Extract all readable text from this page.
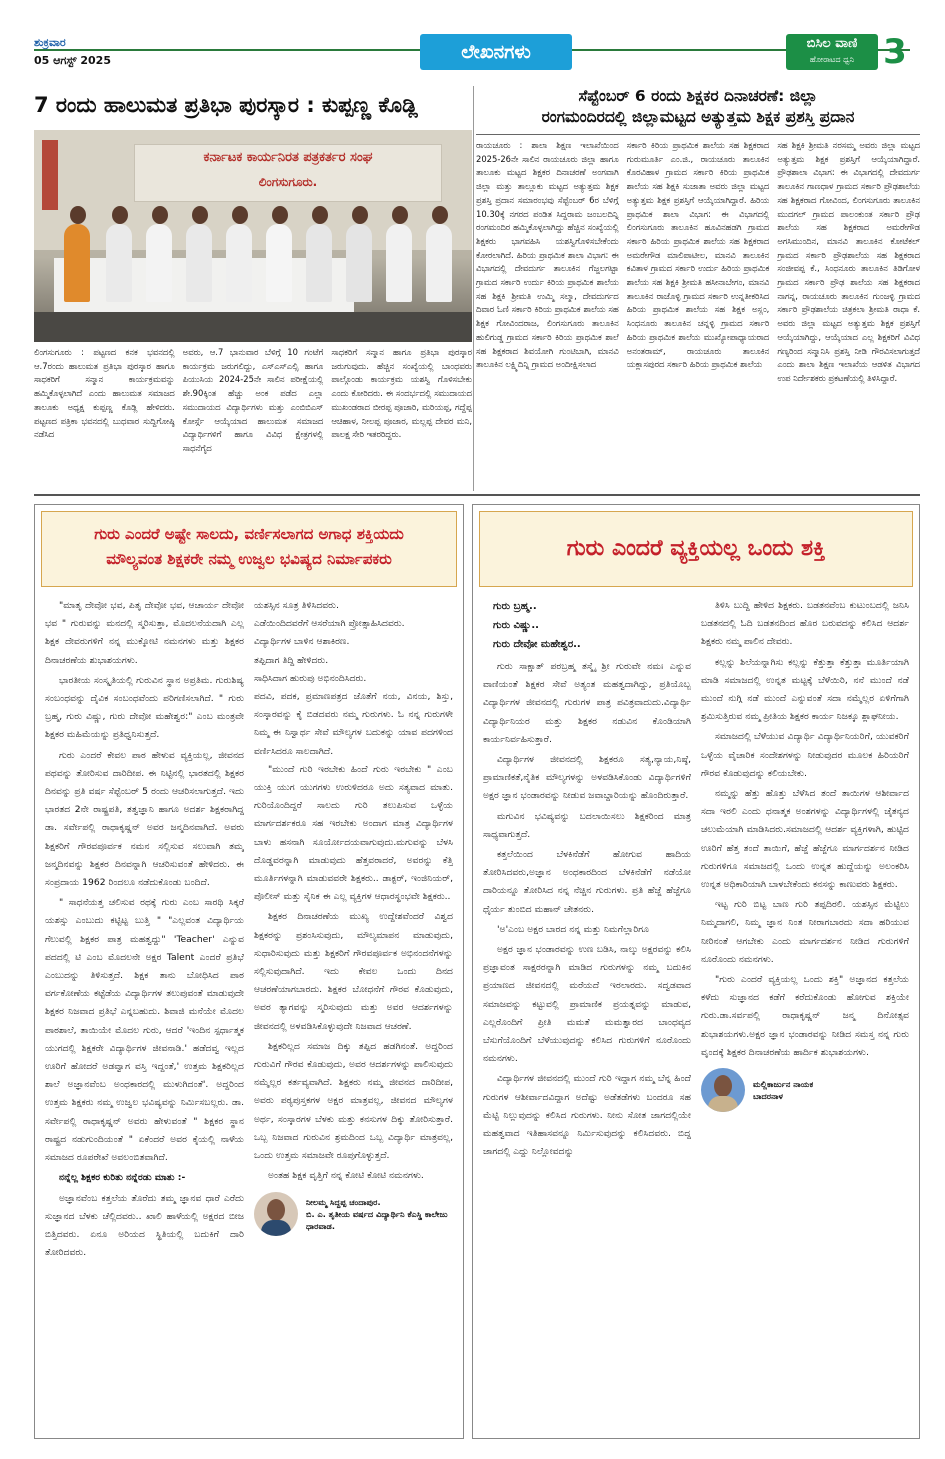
ಶುಕ್ರವಾರ
05 ಆಗಸ್ಟ್ 2025	ಲೇಖನಗಳು	ಬಿಸಿಲ ವಾಣಿ
ಹೋರಾಟದ ಧ್ವನಿ 3
7 ರಂದು ಹಾಲುಮತ ಪ್ರತಿಭಾ ಪುರಸ್ಕಾರ : ಕುಪ್ಪಣ್ಣ ಕೊಡ್ಲಿ
ಕರ್ನಾಟಕ ಕಾರ್ಯನಿರತ ಪತ್ರಕರ್ತರ ಸಂಘ
ಲಿಂಗಸುಗೂರು.
ಲಿಂಗಸುಗೂರು : ಪಟ್ಟಣದ ಕನಕ ಭವನದಲ್ಲಿ ಆ.7ರಂದು ಹಾಲುಮತ ಪ್ರತಿಭಾ ಪುರಸ್ಕಾರ ಹಾಗೂ ಸಾಧಕರಿಗೆ ಸನ್ಮಾನ ಕಾರ್ಯಕ್ರಮವನ್ನು ಹಮ್ಮಿಕೊಳ್ಳಲಾಗಿದೆ ಎಂದು ಹಾಲುಮತ ಸಮಾಜದ ತಾಲೂಕು ಅಧ್ಯಕ್ಷ ಕುಪ್ಪಣ್ಣ ಕೊಡ್ಲಿ ಹೇಳಿದರು. ಪಟ್ಟಣದ ಪತ್ರಿಕಾ ಭವನದಲ್ಲಿ ಬುಧವಾರ ಸುದ್ದಿಗೋಷ್ಠಿ ನಡೆಸಿದ
ಅವರು, ಆ.7 ಭಾನುವಾರ ಬೆಳಿಗ್ಗೆ 10 ಗಂಟೆಗೆ ಕಾರ್ಯಕ್ರಮ ಜರುಗಲಿದ್ದು, ಎಸ್ಎಸ್ಎಲ್ಸಿ ಹಾಗೂ ಪಿಯುಸಿಯ 2024-25ನೇ ಸಾಲಿನ ಪರೀಕ್ಷೆಯಲ್ಲಿ ಶೇ.90ಕ್ಕಿಂತ ಹೆಚ್ಚು ಅಂಕ ಪಡೆದ ಎಲ್ಲಾ ಸಮುದಾಯದ ವಿದ್ಯಾರ್ಥಿಗಳು ಮತ್ತು ಎಂಬಿಬಿಎಸ್ ಕೋರ್ಸ್ಗೆ ಆಯ್ಕೆಯಾದ ಹಾಲುಮತ ಸಮಾಜದ ವಿದ್ಯಾರ್ಥಿಗಳಿಗೆ ಹಾಗೂ ವಿವಿಧ ಕ್ಷೇತ್ರಗಳಲ್ಲಿ ಸಾಧನೆಗೈದ
ಸಾಧಕರಿಗೆ ಸನ್ಮಾನ ಹಾಗೂ ಪ್ರತಿಭಾ ಪುರಸ್ಕಾರ ಜರುಗುವುದು. ಹೆಚ್ಚಿನ ಸಂಖ್ಯೆಯಲ್ಲಿ ಬಾಂಧವರು ಪಾಲ್ಗೊಂಡು ಕಾರ್ಯಕ್ರಮ ಯಶಸ್ವಿ ಗೊಳಿಸಬೇಕು ಎಂದು ಕೋರಿದರು. ಈ ಸಂದರ್ಭದಲ್ಲಿ ಸಮುದಾಯದ ಮುಖಂಡರಾದ ಬೀರಪ್ಪ ಪೂಜಾರಿ, ಮರಿಯಪ್ಪ, ಗದ್ದೆಪ್ಪ ಆಚಿಹಾಳ, ನೀಲಪ್ಪ ಪೂಜಾರ, ಮಲ್ಲಪ್ಪ ದೇವರ ಮನಿ, ಪಾಲಕ್ಷ ಸೇರಿ ಇತರರಿದ್ದರು.
ಸೆಪ್ಟೆಂಬರ್ 6 ರಂದು ಶಿಕ್ಷಕರ ದಿನಾಚರಣೆ: ಜಿಲ್ಲಾ
ರಂಗಮಂದಿರದಲ್ಲಿ ಜಿಲ್ಲಾಮಟ್ಟದ ಅತ್ಯುತ್ತಮ ಶಿಕ್ಷಕ ಪ್ರಶಸ್ತಿ ಪ್ರದಾನ
ರಾಯಚೂರು : ಶಾಲಾ ಶಿಕ್ಷಣ ಇಲಾಖೆಯಿಂದ 2025-26ನೇ ಸಾಲಿನ ರಾಯಚೂರು ಜಿಲ್ಲಾ ಹಾಗೂ ತಾಲೂಕು ಮಟ್ಟದ ಶಿಕ್ಷಕರ ದಿನಾಚರಣೆ ಅಂಗವಾಗಿ ಜಿಲ್ಲಾ ಮತ್ತು ತಾಲ್ಲೂಕು ಮಟ್ಟದ ಅತ್ಯುತ್ತಮ ಶಿಕ್ಷಕ ಪ್ರಶಸ್ತಿ ಪ್ರದಾನ ಸಮಾರಂಭವು ಸೆಪ್ಟೆಂಬರ್ 6ರ ಬೆಳಿಗ್ಗೆ 10.30ಕ್ಕೆ ನಗರದ ಪಂಡಿತ ಸಿದ್ದರಾಮ ಜಂಬಲದಿನ್ನಿ ರಂಗಮಂದಿರ ಹಮ್ಮಿಕೊಳ್ಳಲಾಗಿದ್ದು ಹೆಚ್ಚಿನ ಸಂಖ್ಯೆಯಲ್ಲಿ ಶಿಕ್ಷಕರು ಭಾಗವಹಿಸಿ ಯಶಸ್ವಿಗೊಳಿಸಬೇಕೆಂದು ಕೋರಲಾಗಿದೆ. ಹಿರಿಯ ಪ್ರಾಥಮಿಕ ಶಾಲಾ ವಿಭಾಗ: ಈ ವಿಭಾಗದಲ್ಲಿ ದೇವದುರ್ಗ ತಾಲೂಕಿನ ಗೆಜ್ಜಲಗಟ್ಟಾ ಗ್ರಾಮದ ಸರ್ಕಾರಿ ಉರ್ದು ಕಿರಿಯ ಪ್ರಾಥಮಿಕ ಶಾಲೆಯ ಸಹ ಶಿಕ್ಷಕಿ ಶ್ರೀಮತಿ ಉಮ್ಮಿ ಸಲ್ಮಾ, ದೇವದುರ್ಗದ ದಿವಾರ ಓಣಿ ಸರ್ಕಾರಿ ಕಿರಿಯ ಪ್ರಾಥಮಿಕ ಶಾಲೆಯ ಸಹ ಶಿಕ್ಷಕ ಗೋವಿಂದರಾಜ, ಲಿಂಗಸುಗೂರು ತಾಲೂಕಿನ ಹುಲಿಗುಡ್ಡ ಗ್ರಾಮದ ಸರ್ಕಾರಿ ಕಿರಿಯ ಪ್ರಾಥಮಿಕ ಶಾಲೆ ಸಹ ಶಿಕ್ಷಕರಾದ ಶಿವಯೋಗಿ ಗುಂಟಿಬಾಗಿ, ಮಾನವಿ ತಾಲೂಕಿನ ಲಕ್ಷ್ಮಿದಿನ್ನಿ ಗ್ರಾಮದ ಅಂದೀಕ್ಷಿಸಲಾದ
ಸರ್ಕಾರಿ ಕಿರಿಯ ಪ್ರಾಥಮಿಕ ಶಾಲೆಯ ಸಹ ಶಿಕ್ಷಕರಾದ ಗುರುಮೂರ್ತಿ ಎಂ.ಜಿ., ರಾಯಚೂರು ತಾಲೂಕಿನ ಕೊರವಿಹಾಳ ಗ್ರಾಮದ ಸರ್ಕಾರಿ ಕಿರಿಯ ಪ್ರಾಥಮಿಕ ಶಾಲೆಯ ಸಹ ಶಿಕ್ಷಕಿ ಸುಜಾತಾ ಅವರು ಜಿಲ್ಲಾ ಮಟ್ಟದ ಅತ್ಯುತ್ತಮ ಶಿಕ್ಷಕ ಪ್ರಶಸ್ತಿಗೆ ಆಯ್ಕೆಯಾಗಿದ್ದಾರೆ. ಹಿರಿಯ ಪ್ರಾಥಮಿಕ ಶಾಲಾ ವಿಭಾಗ: ಈ ವಿಭಾಗದಲ್ಲಿ ಲಿಂಗಸುಗೂರು ತಾಲೂಕಿನ ಹೂವಿನಹಡಗಿ ಗ್ರಾಮದ ಸರ್ಕಾರಿ ಹಿರಿಯ ಪ್ರಾಥಮಿಕ ಶಾಲೆಯ ಸಹ ಶಿಕ್ಷಕರಾದ ಅಮರೇಗೌಡ ಮಾಲಿಪಾಟೀಲ, ಮಾನವಿ ತಾಲೂಕಿನ ಕವಿತಾಳ ಗ್ರಾಮದ ಸರ್ಕಾರಿ ಉರ್ದು ಹಿರಿಯ ಪ್ರಾಥಮಿಕ ಶಾಲೆಯ ಸಹ ಶಿಕ್ಷಕಿ ಶ್ರೀಮತಿ ಹಸೀನಾಬೇಗಂ, ಮಾನವಿ ತಾಲೂಕಿನ ರಾಜೊಳ್ಳಿ ಗ್ರಾಮದ ಸರ್ಕಾರಿ ಉನ್ನತೀಕರಿಸಿದ ಹಿರಿಯ ಪ್ರಾಥಮಿಕ ಶಾಲೆಯ ಸಹ ಶಿಕ್ಷಕ ಅಸ್ಲಂ, ಸಿಂಧನೂರು ತಾಲೂಕಿನ ಚನ್ನಳ್ಳಿ ಗ್ರಾಮದ ಸರ್ಕಾರಿ ಹಿರಿಯ ಪ್ರಾಥಮಿಕ ಶಾಲೆಯ ಮುಖ್ಯೋಪಾಧ್ಯಾಯರಾದ ಅನಂತರಾಮ್, ರಾಯಚೂರು ತಾಲೂಕಿನ ಯಕ್ಲಾಸಪುರದ ಸರ್ಕಾರಿ ಹಿರಿಯ ಪ್ರಾಥಮಿಕ ಶಾಲೆಯ
ಸಹ ಶಿಕ್ಷಕಿ ಶ್ರೀಮತಿ ನರಸಮ್ಮ ಅವರು ಜಿಲ್ಲಾ ಮಟ್ಟದ ಅತ್ಯುತ್ತಮ ಶಿಕ್ಷಕ ಪ್ರಶಸ್ತಿಗೆ ಆಯ್ಕೆಯಾಗಿದ್ದಾರೆ. ಪ್ರೌಢಶಾಲಾ ವಿಭಾಗ: ಈ ವಿಭಾಗದಲ್ಲಿ ದೇವದುರ್ಗ ತಾಲೂಕಿನ ಗಾಣಧಾಳ ಗ್ರಾಮದ ಸರ್ಕಾರಿ ಪ್ರೌಢಶಾಲೆಯ ಸಹ ಶಿಕ್ಷಕರಾದ ಗೋವಿಂದ, ಲಿಂಗಸುಗೂರು ತಾಲೂಕಿನ ಮುದಗಲ್ ಗ್ರಾಮದ ಪಾಲಂಕುಂತ ಸರ್ಕಾರಿ ಪ್ರೌಢ ಶಾಲೆಯ ಸಹ ಶಿಕ್ಷಕರಾದ ಅಮರೇಗೌಡ ಅಗಸಿಮುಂದಿನ, ಮಾನವಿ ತಾಲೂಕಿನ ಕೋಟೆಕಲ್ ಗ್ರಾಮದ ಸರ್ಕಾರಿ ಪ್ರೌಢಶಾಲೆಯ ಸಹ ಶಿಕ್ಷಕರಾದ ಸಂಜೀವಪ್ಪ ಕೆ., ಸಿಂಧನೂರು ತಾಲೂಕಿನ ತಿಡಿಗೋಳ ಗ್ರಾಮದ ಸರ್ಕಾರಿ ಪ್ರೌಢ ಶಾಲೆಯ ಸಹ ಶಿಕ್ಷಕರಾದ ನಾಗನ್ನ, ರಾಯಚೂರು ತಾಲೂಕಿನ ಗುಂಜಳ್ಳಿ ಗ್ರಾಮದ ಸರ್ಕಾರಿ ಪ್ರೌಢಶಾಲೆಯ ಚಿತ್ರಕಲಾ ಶ್ರೀಮತಿ ರಾಧಾ ಕೆ. ಅವರು ಜಿಲ್ಲಾ ಮಟ್ಟದ ಅತ್ಯುತ್ತಮ ಶಿಕ್ಷಕ ಪ್ರಶಸ್ತಿಗೆ ಆಯ್ಕೆಯಾಗಿದ್ದು, ಆಯ್ಕೆಯಾದ ಎಲ್ಲ ಶಿಕ್ಷಕರಿಗೆ ವಿವಿಧ ಗಣ್ಯರಿಂದ ಸನ್ಮಾನಿಸಿ ಪ್ರಶಸ್ತಿ ನೀಡಿ ಗೌರವಿಸಲಾಗುತ್ತದೆ ಎಂದು ಶಾಲಾ ಶಿಕ್ಷಣ ಇಲಾಖೆಯ ಆಡಳಿತ ವಿಭಾಗದ ಉಪ ನಿರ್ದೇಶಕರು ಪ್ರಕಟಣೆಯಲ್ಲಿ ತಿಳಿಸಿದ್ದಾರೆ.
ಗುರು ಎಂದರೆ ಅಷ್ಟೇ ಸಾಲದು, ವರ್ಣಿಸಲಾಗದ ಅಗಾಧ ಶಕ್ತಿಯದು
ಮೌಲ್ಯವಂತ ಶಿಕ್ಷಕರೇ ನಮ್ಮ ಉಜ್ವಲ ಭವಿಷ್ಯದ ನಿರ್ಮಾಪಕರು

"ಮಾತೃ ದೇವೋ ಭವ, ಪಿತೃ ದೇವೋ ಭವ, ಆಚಾರ್ಯ ದೇವೋ ಭವ " ಗುರುವನ್ನು ಮನದಲ್ಲಿ ಸ್ಮರಿಸುತ್ತಾ, ಮೊದಲನೆಯದಾಗಿ ಎಲ್ಲ ಶಿಕ್ಷಕ ದೇವರುಗಳಿಗೆ ನನ್ನ ಮುಕ್ಕೋಟಿ ನಮನಗಳು ಮತ್ತು ಶಿಕ್ಷಕರ ದಿನಾಚರಣೆಯ ಶುಭಾಶಯಗಳು.

ಭಾರತೀಯ ಸಂಸ್ಕೃತಿಯಲ್ಲಿ ಗುರುವಿನ ಸ್ಥಾನ ಅಪ್ರತಿಮ. ಗುರುಶಿಷ್ಯ ಸಂಬಂಧವನ್ನು ದೈವಿಕ ಸಂಬಂಧವೆಂದು ಪರಿಗಣಿಸಲಾಗಿದೆ. " ಗುರು ಬ್ರಹ್ಮ, ಗುರು ವಿಷ್ಣು, ಗುರು ದೇವೋ ಮಹೇಶ್ವರ:" ಎಂಬ ಮಂತ್ರವೇ ಶಿಕ್ಷಕರ ಮಹಿಮೆಯನ್ನು ಪ್ರತಿಧ್ವನಿಸುತ್ತದೆ.

ಗುರು ಎಂದರೆ ಕೇವಲ ಪಾಠ ಹೇಳುವ ವ್ಯಕ್ತಿಯಲ್ಲ, ಜೀವನದ ಪಥವನ್ನು ತೋರಿಸುವ ದಾರಿದೀಪ. ಈ ನಿಟ್ಟಿನಲ್ಲಿ ಭಾರತದಲ್ಲಿ ಶಿಕ್ಷಕರ ದಿನವನ್ನು ಪ್ರತಿ ವರ್ಷ ಸೆಪ್ಟೆಂಬರ್ 5 ರಂದು ಆಚರಿಸಲಾಗುತ್ತದೆ. ಇದು ಭಾರತದ 2ನೇ ರಾಷ್ಟ್ರಪತಿ, ತತ್ವಜ್ಞಾನಿ ಹಾಗೂ ಅದರ್ಶ ಶಿಕ್ಷಕರಾಗಿದ್ದ ಡಾ. ಸರ್ವೇಪಲ್ಲಿ ರಾಧಾಕೃಷ್ಣನ್ ಅವರ ಜನ್ಮದಿನವಾಗಿದೆ. ಅವರು ಶಿಕ್ಷಕರಿಗೆ ಗೌರವಪೂರ್ವಕ ನಮನ ಸಲ್ಲಿಸುವ ಸಲುವಾಗಿ ತಮ್ಮ ಜನ್ಮದಿನವನ್ನು ಶಿಕ್ಷಕರ ದಿನವನ್ನಾಗಿ ಆಚರಿಸುವಂತೆ ಹೇಳಿದರು. ಈ ಸಂಪ್ರದಾಯ 1962 ರಿಂದಲೂ ನಡೆದುಕೊಂಡು ಬಂದಿದೆ.

" ಸಾಧನೆಯತ್ತ ಚಲಿಸುವ ರಥಕ್ಕೆ ಗುರು ಎಂಬ ಸಾರಥಿ ಸಿಕ್ಕರೆ ಯಶಸ್ಸು ಎಂಬುದು ಕಟ್ಟಿಟ್ಟ ಬುತ್ತಿ " "ಎಲ್ಲವಂತ ವಿದ್ಯಾರ್ಥಿಯ ಗೆಲುವಲ್ಲಿ ಶಿಕ್ಷಕರ ಪಾತ್ರ ಮಹತ್ವದ್ದು" 'Teacher' ಎನ್ನುವ ಪದದಲ್ಲಿ ಟಿ ಎಂಬ ಮೊದಲನೇ ಅಕ್ಷರ Talent ಎಂದರೆ ಪ್ರತಿಭೆ ಎಂಬುದನ್ನು ತಿಳಿಸುತ್ತದೆ. ಶಿಕ್ಷಕ ತಾನು ಬೋಧಿಸಿದ ಪಾಠ ವರ್ಗಕೋಣೆಯ ಕಟ್ಟೆಡೆಯ ವಿದ್ಯಾರ್ಥಿಗಳ ತಲುಪುವಂತೆ ಮಾಡುವುದೇ ಶಿಕ್ಷಕರ ನಿಜವಾದ ಪ್ರತಿಭೆ ಎನ್ನಬಹುದು. ಶಿವಾಜಿ ಮನೆಯೇ ಮೊದಲ ಪಾಠಶಾಲೆ, ತಾಯಿಯೇ ಮೊದಲ ಗುರು, ಆದರೆ 'ಇಂದಿನ ಸ್ಪರ್ಧಾತ್ಮಕ ಯುಗದಲ್ಲಿ ಶಿಕ್ಷಕರೇ ವಿದ್ಯಾರ್ಥಿಗಳ ಜೀವನಾಡಿ.' ಹಡೆದವ್ವ ಇಲ್ಲದ ಊರಿಗೆ ಹೋದರೆ ಅಡವ್ವಾಗ ವಸ್ತಿ ಇದ್ದಂತೆ,' ಉತ್ತಮ ಶಿಕ್ಷಕರಿಲ್ಲದ ಶಾಲೆ ಅಜ್ಞಾನವೆಂಬ ಅಂಧಕಾರದಲ್ಲಿ ಮುಳುಗಿದಂತೆ'. ಅದ್ದರಿಂದ ಉತ್ತಮ ಶಿಕ್ಷಕರು ನಮ್ಮ ಉಜ್ವಲ ಭವಿಷ್ಯವನ್ನು ನಿರ್ಮಿಸಬಲ್ಲರು. ಡಾ. ಸರ್ವೇಪಲ್ಲಿ ರಾಧಾಕೃಷ್ಣನ್ ಅವರು ಹೇಳುವಂತೆ " ಶಿಕ್ಷಕರ ಸ್ಥಾನ ರಾಷ್ಟ್ರದ ನಡುಗುಂದಿಯಂತೆ " ಏಕೆಂದರೆ ಅವರ ಕೈಯಲ್ಲಿ ನಾಳೆಯ ಸಮಾಜದ ರೂಪರೇಖೆ ಅವಲಂಬಿತವಾಗಿದೆ.

ನನ್ನೆಲ್ಲ ಶಿಕ್ಷಕರ ಕುರಿತು ನನ್ನೆರಡು ಮಾತು :-

ಅಜ್ಞಾನವೆಂಬ ಕತ್ತಲೆಯ ತೊರೆದು ತಮ್ಮ ಜ್ಞಾನವ ಧಾರೆ ಎರೆದು ಸುಜ್ಞಾನದ ಬೆಳಕು ಚೆಲ್ಲಿದವರು.. ಖಾಲಿ ಹಾಳೆಯಲ್ಲಿ ಅಕ್ಷರದ ಬೀಜ ಬಿತ್ತಿದವರು. ಏನೂ ಅರಿಯದ ಸ್ಥಿತಿಯಲ್ಲಿ ಬದುಕಿಗೆ ದಾರಿ ತೋರಿದವರು.

ಯಶಸ್ಸಿನ ಸೂತ್ರ ತಿಳಿಸಿದವರು.
ಎಡೆಯಿಂದಿದವರೆಗೆ ಆಸರೆಯಾಗಿ ಪ್ರೋತ್ಸಾಹಿಸಿದವರು.
ವಿದ್ಯಾರ್ಥಿಗಳ ಬಾಳಿನ ಆಶಾಕಿರಣ.
ತಪ್ಪಿದಾಗ ತಿದ್ದಿ ಹೇಳಿದರು.
ಸಾಧಿಸಿದಾಗ ಹುರುಪು ಅಭಿನಂದಿಸಿದರು.
ಪದವಿ, ಪದಕ, ಪ್ರಮಾಣಪತ್ರದ ಜೊತೆಗೆ ನಯ, ವಿನಯ, ಶಿಸ್ತು, ಸಂಸ್ಕಾರವನ್ನು ಕೈ ಬಿಡದವರು ನಮ್ಮ ಗುರುಗಳು. ಓ ನನ್ನ ಗುರುಗಳೇ ನಿಮ್ಮ ಈ ನಿಸ್ವಾರ್ಥ ಸೇವೆ ಮೌಲ್ಯಗಳ ಬದುಕನ್ನು ಯಾವ ಪದಗಳಿಂದ ವರ್ಣಿಸಿದರೂ ಸಾಲದಾಗಿದೆ.

"ಮುಂದೆ ಗುರಿ ಇರಬೇಕು ಹಿಂದೆ ಗುರು ಇರಬೇಕು " ಎಂಬ ಯುಕ್ತಿ ಯುಗ ಯುಗಗಳು ಉರುಳಿದರೂ ಅದು ಸತ್ಯವಾದ ಮಾತು. ಗುರಿಯೊಂದಿದ್ದರೆ ಸಾಲದು ಗುರಿ ತಲುಪಿಸುವ ಒಳ್ಳೆಯ ಮಾರ್ಗದರ್ಶಕರೂ ಸಹ ಇರಬೇಕು ಅಂದಾಗ ಮಾತ್ರ ವಿದ್ಯಾರ್ಥಿಗಳ ಬಾಳು ಹಸನಾಗಿ ಸೂರ್ಯೋದಯವಾಗುವುದು.ಮಗುವನ್ನು ಬೆಳಸಿ ದೊಡ್ಡವರನ್ನಾಗಿ ಮಾಡುವುದು ಹೆತ್ತವರಾದರೆ, ಅವರನ್ನು ಕೆತ್ತಿ ಮೂರ್ತಿಗಳನ್ನಾಗಿ ಮಾಡುವವರೇ ಶಿಕ್ಷಕರು.. ಡಾಕ್ಟರ್, ಇಂಜಿನಿಯರ್, ಪೊಲೀಸ್ ಮತ್ತು ಸೈನಿಕ ಈ ಎಲ್ಲ ವ್ಯಕ್ತಿಗಳ ಆಧಾರಸ್ಥಂಭವೇ ಶಿಕ್ಷಕರು..

ಶಿಕ್ಷಕರ ದಿನಾಚರಣೆಯ ಮುಖ್ಯ ಉದ್ದೇಶವೆಂದರೆ ವಿಶ್ವದ ಶಿಕ್ಷಕರನ್ನು ಪ್ರಶಂಸಿಸುವುದು, ಮೌಲ್ಯಮಾಪನ ಮಾಡುವುದು, ಸುಧಾರಿಸುವುದು ಮತ್ತು ಶಿಕ್ಷಕರಿಗೆ ಗೌರವಪೂರ್ವಕ ಅಭಿನಂದನೆಗಳನ್ನು ಸಲ್ಲಿಸುವುದಾಗಿದೆ. ಇದು ಕೇವಲ ಒಂದು ದಿನದ ಆಚರಣೆಯಾಗಬಾರದು. ಶಿಕ್ಷಕರ ಬೋಧನೆಗೆ ಗೌರವ ಕೊಡುವುದು, ಅವರ ತ್ಯಾಗವನ್ನು ಸ್ಮರಿಸುವುದು ಮತ್ತು ಅವರ ಆದರ್ಶಗಳನ್ನು ಜೀವನದಲ್ಲಿ ಅಳವಡಿಸಿಕೊಳ್ಳುವುದೇ ನಿಜವಾದ ಆಚರಣೆ.

ಶಿಕ್ಷಕರಿಲ್ಲದ ಸಮಾಜ ದಿಕ್ಕು ತಪ್ಪಿದ ಹಡಗಿನಂತೆ. ಅದ್ದರಿಂದ ಗುರುವಿಗೆ ಗೌರವ ಕೊಡುವುದು, ಅವರ ಆದರ್ಶಗಳನ್ನು ಪಾಲಿಸುವುದು ನಮ್ಮೆಲ್ಲರ ಕರ್ತವ್ಯವಾಗಿದೆ. ಶಿಕ್ಷಕರು ನಮ್ಮ ಜೀವನದ ದಾರಿದೀಪ, ಅವರು ಪಠ್ಯಪುಸ್ತಕಗಳ ಅಕ್ಷರ ಮಾತ್ರವಲ್ಲ, ಜೀವನದ ಮೌಲ್ಯಗಳ ಅರ್ಥ, ಸಂಸ್ಕಾರಗಳ ಬೆಳಕು ಮತ್ತು ಕನಸುಗಳ ದಿಕ್ಕು ತೋರಿಸುತ್ತಾರೆ. ಒಬ್ಬ ನಿಜವಾದ ಗುರುವಿನ ಶ್ರಮದಿಂದ ಒಬ್ಬ ವಿದ್ಯಾರ್ಥಿ ಮಾತ್ರವಲ್ಲ, ಒಂದು ಉತ್ತಮ ಸಮಾಜವೇ ರೂಪುಗೊಳ್ಳುತ್ತದೆ.

ಅಂತಹ ಶಿಕ್ಷಕ ವೃತ್ತಿಗೆ ನನ್ನ ಕೋಟಿ ಕೋಟಿ ನಮನಗಳು.

ನೀಲಮ್ಮ ಸಿದ್ದಪ್ಪ ಚಂದಾಪುರ.
ಬಿ. ಎ. ತೃತೀಯ ವರ್ಷದ ವಿದ್ಯಾರ್ಥಿನಿ ಕೆಎಸ್ಡಿ ಕಾಲೇಜು
ಧಾರವಾಡ.
ಗುರು ಎಂದರೆ ವ್ಯಕ್ತಿಯಲ್ಲ ಒಂದು ಶಕ್ತಿ
ಗುರು ಬ್ರಹ್ಮ..
ಗುರು ವಿಷ್ಣು..
ಗುರು ದೇವೋ ಮಹೇಶ್ವರ..

ಗುರು ಸಾಕ್ಷಾತ್ ಪರಬ್ರಹ್ಮ ತಸ್ಮೈ ಶ್ರೀ ಗುರುವೇ ನಮಃ ಎನ್ನುವ ವಾಣಿಯಂತೆ ಶಿಕ್ಷಕರ ಸೇವೆ ಅತ್ಯಂತ ಮಹತ್ವದಾಗಿದ್ದು, ಪ್ರತಿಯೊಬ್ಬ ವಿದ್ಯಾರ್ಥಿಗಳ ಜೀವನದಲ್ಲಿ ಗುರುಗಳ ಪಾತ್ರ ಪವಿತ್ರವಾದುದು.ವಿದ್ಯಾರ್ಥಿ ವಿದ್ಯಾರ್ಥಿನಿಯರ ಮತ್ತು ಶಿಕ್ಷಕರ ನಡುವಿನ ಕೊಂಡಿಯಾಗಿ ಕಾರ್ಯನಿರ್ವಹಿಸುತ್ತಾರೆ.

ವಿದ್ಯಾರ್ಥಿಗಳ ಜೀವನದಲ್ಲಿ ಶಿಕ್ಷಕರೂ ಸತ್ಯ,ನ್ಯಾಯ,ನಿಷ್ಠೆ, ಪ್ರಾಮಾಣಿಕತೆ,ನೈತಿಕ ಮೌಲ್ಯಗಳನ್ನು ಅಳವಡಿಸಿಕೊಂಡು ವಿದ್ಯಾರ್ಥಿಗಳಿಗೆ ಅಕ್ಷರ ಜ್ಞಾನ ಭಂಡಾರವನ್ನು ನೀಡುವ ಜವಾಬ್ದಾರಿಯನ್ನು ಹೊಂದಿರುತ್ತಾರೆ.

ಮಗುವಿನ ಭವಿಷ್ಯವನ್ನು ಬದಲಾಯಿಸಲು ಶಿಕ್ಷಕರಿಂದ ಮಾತ್ರ ಸಾಧ್ಯವಾಗುತ್ತದೆ.

ಕತ್ತಲೆಯಿಂದ ಬೆಳಕಿನೆಡೆಗೆ ಹೋಗುವ ಹಾದಿಯ ತೋರಿಸಿದವರು,ಅಜ್ಞಾನ ಅಂಧಕಾರದಿಂದ ಬೆಳಕಿನೆಡೆಗೆ ನಡೆಯೋ ದಾರಿಯನ್ನೂ ತೋರಿಸಿದ ನನ್ನ ನೆಚ್ಚಿನ ಗುರುಗಳು. ಪ್ರತಿ ಹೆಜ್ಜೆ ಹೆಜ್ಜೆಗೂ ಧೈರ್ಯ ತುಂಬಿದ ಮಹಾನ್ ಚೇತನರು.

'ಅ'ಎಂಬ ಅಕ್ಷರ ಬಾರದ ನನ್ನ ಮತ್ತು ನಿಮಗೆಲ್ಲಾರಿಗೂ

ಅಕ್ಷರ ಜ್ಞಾನ ಭಂಡಾರವನ್ನು ಉಣ ಬಡಿಸಿ, ನಾಲ್ಕು ಅಕ್ಷರವನ್ನು ಕಲಿಸಿ ಪ್ರಜ್ಞಾವಂತ ಸಾಕ್ಷರರನ್ನಾಗಿ ಮಾಡಿದ ಗುರುಗಳನ್ನು ನಮ್ಮ ಬದುಕಿನ ಪ್ರಯಾಣದ ಜೀವನದಲ್ಲಿ ಮರೆಯದೆ ಇರಲಾರದು. ಸದ್ವಡವಾದ ಸಮಾಜವನ್ನು ಕಟ್ಟುವಲ್ಲಿ ಪ್ರಾಮಾಣಿಕ ಪ್ರಯತ್ನವನ್ನು ಮಾಡುವ, ಎಲ್ಲರೊಂದಿಗೆ ಪ್ರೀತಿ ಮಮತೆ ಮಮತ್ವಾರದ ಬಾಂಧವ್ಯದ ಬೆಸುಗೆಯೊಂದಿಗೆ ಬೆಳೆಯುವುದನ್ನು ಕಲಿಸಿದ ಗುರುಗಳಿಗೆ ನೂರೊಂದು ನಮನಗಳು.

ವಿದ್ಯಾರ್ಥಿಗಳ ಜೀವನದಲ್ಲಿ ಮುಂದೆ ಗುರಿ ಇದ್ದಾಗ ನಮ್ಮ ಬೆನ್ನ ಹಿಂದೆ ಗುರುಗಳ ಆಶೀರ್ವಾದವಿದ್ದಾಗ ಅದೆಷ್ಟು ಅಡೆತಡೆಗಳು ಬಂದರೂ ಸಹ ಮೆಟ್ಟಿ ನಿಲ್ಲುವುದನ್ನು ಕಲಿಸಿದ ಗುರುಗಳು. ನೀನು ಸೋತ ಜಾಗದಲ್ಲಿಯೇ ಮಹತ್ವವಾದ ಇತಿಹಾಸವನ್ನೂ ನಿರ್ಮಿಸುವುದನ್ನು ಕಲಿಸಿದವರು. ಬಿದ್ದ ಜಾಗದಲ್ಲಿ ಎದ್ದು ನಿಲ್ಲೋವದನ್ನು

ತಿಳಿಸಿ ಬುದ್ದಿ ಹೇಳಿದ ಶಿಕ್ಷಕರು. ಬಡತನವೆಂಬ ಕುಟುಂಬದಲ್ಲಿ ಜನಿಸಿ ಬಡತನದಲ್ಲಿ ಓದಿ ಬಡತನದಿಂದ ಹೊರ ಬರುವದನ್ನು ಕಲಿಸಿದ ಆದರ್ಶ ಶಿಕ್ಷಕರು ನಮ್ಮ ಪಾಲಿನ ದೇವರು.

ಕಲ್ಲನ್ನು ಶಿಲೆಯನ್ನಾಗಿಸು ಕಲ್ಲನ್ನು ಕೆತ್ತುತ್ತಾ ಕೆತ್ತುತ್ತಾ ಮೂರ್ತಿಯಾಗಿ ಮಾಡಿ ಸಮಾಜದಲ್ಲಿ ಉನ್ನತ ಮಟ್ಟಕ್ಕೆ ಬೆಳೆಯಿರಿ, ನನೆ ಮುಂದೆ ನಡೆ ಮುಂದೆ ನುಗ್ಗಿ ನಡೆ ಮುಂದೆ ಎನ್ನುವಂತೆ ಸದಾ ನಮ್ಮೆಲ್ಲರ ಏಳಿಗೆಗಾಗಿ ಶ್ರಮಿಸುತ್ತಿರುವ ನಮ್ಮ ಪ್ರೀತಿಯ ಶಿಕ್ಷಕರ ಕಾರ್ಯ ನಿಜಕ್ಕೂ ಶ್ಲಾಘನೀಯ.

ಸಮಾಜದಲ್ಲಿ ಬೆಳೆಯುವ ವಿದ್ಯಾರ್ಥಿ ವಿದ್ಯಾರ್ಥಿನಿಯರಿಗೆ, ಯುವಕರಿಗೆ ಒಳ್ಳೆಯ ವೈಚಾರಿಕ ಸಂದೇಶಗಳನ್ನು ನೀಡುವುದರ ಮೂಲಕ ಹಿರಿಯರಿಗೆ ಗೌರವ ಕೊಡುವುದನ್ನು ಕಲಿಯಬೇಕು.

ನಮ್ಮನ್ನು ಹೆತ್ತು ಹೊತ್ತು ಬೆಳೆಸಿದ ತಂದೆ ತಾಯಿಗಳ ಆಶೀರ್ವಾದ ಸದಾ ಇರಲಿ ಎಂದು ಧನಾತ್ಮಕ ಅಂಶಗಳನ್ನು ವಿದ್ಯಾರ್ಥಿಗಳಲ್ಲಿ ಚೈತನ್ಯದ ಚಲುಮೆಯಾಗಿ ಮಾಡಿಸಿದರು.ಸಮಾಜದಲ್ಲಿ ಆದರ್ಶ ವ್ಯಕ್ತಿಗಳಾಗಿ, ಹುಟ್ಟಿದ ಊರಿಗೆ ಹೆತ್ತ ತಂದೆ ತಾಯಿಗೆ, ಹೆಜ್ಜೆ ಹೆಜ್ಜೆಗೂ ಮಾರ್ಗದರ್ಶನ ನೀಡಿದ ಗುರುಗಳಿಗೂ ಸಮಾಜದಲ್ಲಿ ಒಂದು ಉನ್ನತ ಹುದ್ದೆಯನ್ನು ಅಲಂಕರಿಸಿ ಉನ್ನತ ಅಧಿಕಾರಿಯಾಗಿ ಬಾಳಬೇಕೆಂದು ಕನಸನ್ನು ಕಾಣುವರು ಶಿಕ್ಷಕರು.

ಇಟ್ಟ ಗುರಿ ಬಿಟ್ಟ ಬಾಣ ಗುರಿ ತಪ್ಪದಿರಲಿ. ಯಶಸ್ಸಿನ ಮೆಟ್ಟಿಲು ನಿಮ್ಮದಾಗಲಿ, ನಿಮ್ಮ ಜ್ಞಾನ ನಿಂತ ನೀರಾಗಬಾರದು ಸದಾ ಹರಿಯುವ ನೀರಿನಂತೆ ಆಗಬೇಕು ಎಂದು ಮಾರ್ಗದರ್ಶನ ನೀಡಿದ ಗುರುಗಳಿಗೆ ನೂರೊಂದು ನಮನಗಳು.

"ಗುರು ಎಂದರೆ ವ್ಯಕ್ತಿಯಲ್ಲ ಒಂದು ಶಕ್ತಿ" ಅಜ್ಞಾನದ ಕತ್ತಲೆಯ ಕಳೆದು ಸುಜ್ಞಾನದ ಕಡೆಗೆ ಕರೆದುಕೊಂಡು ಹೋಗುವ ಶಕ್ತಿಯೇ ಗುರು.ಡಾ.ಸರ್ವಪಲ್ಲಿ ರಾಧಾಕೃಷ್ಣನ್ ಜನ್ಮ ದಿನೋತ್ಸವ ಶುಭಾಶಯಗಳು.ಅಕ್ಷರ ಜ್ಞಾನ ಭಂಡಾರವನ್ನು ನೀಡಿದ ಸಮಸ್ತ ನನ್ನ ಗುರು ವೃಂದಕ್ಕೆ ಶಿಕ್ಷಕರ ದಿನಾಚರಣೆಯ ಹಾರ್ದಿಕ ಶುಭಾಶಯಗಳು.

ಮಲ್ಲಿಕಾರ್ಜುನ ನಾಯಕ
ಬಾದರನಾಳ
